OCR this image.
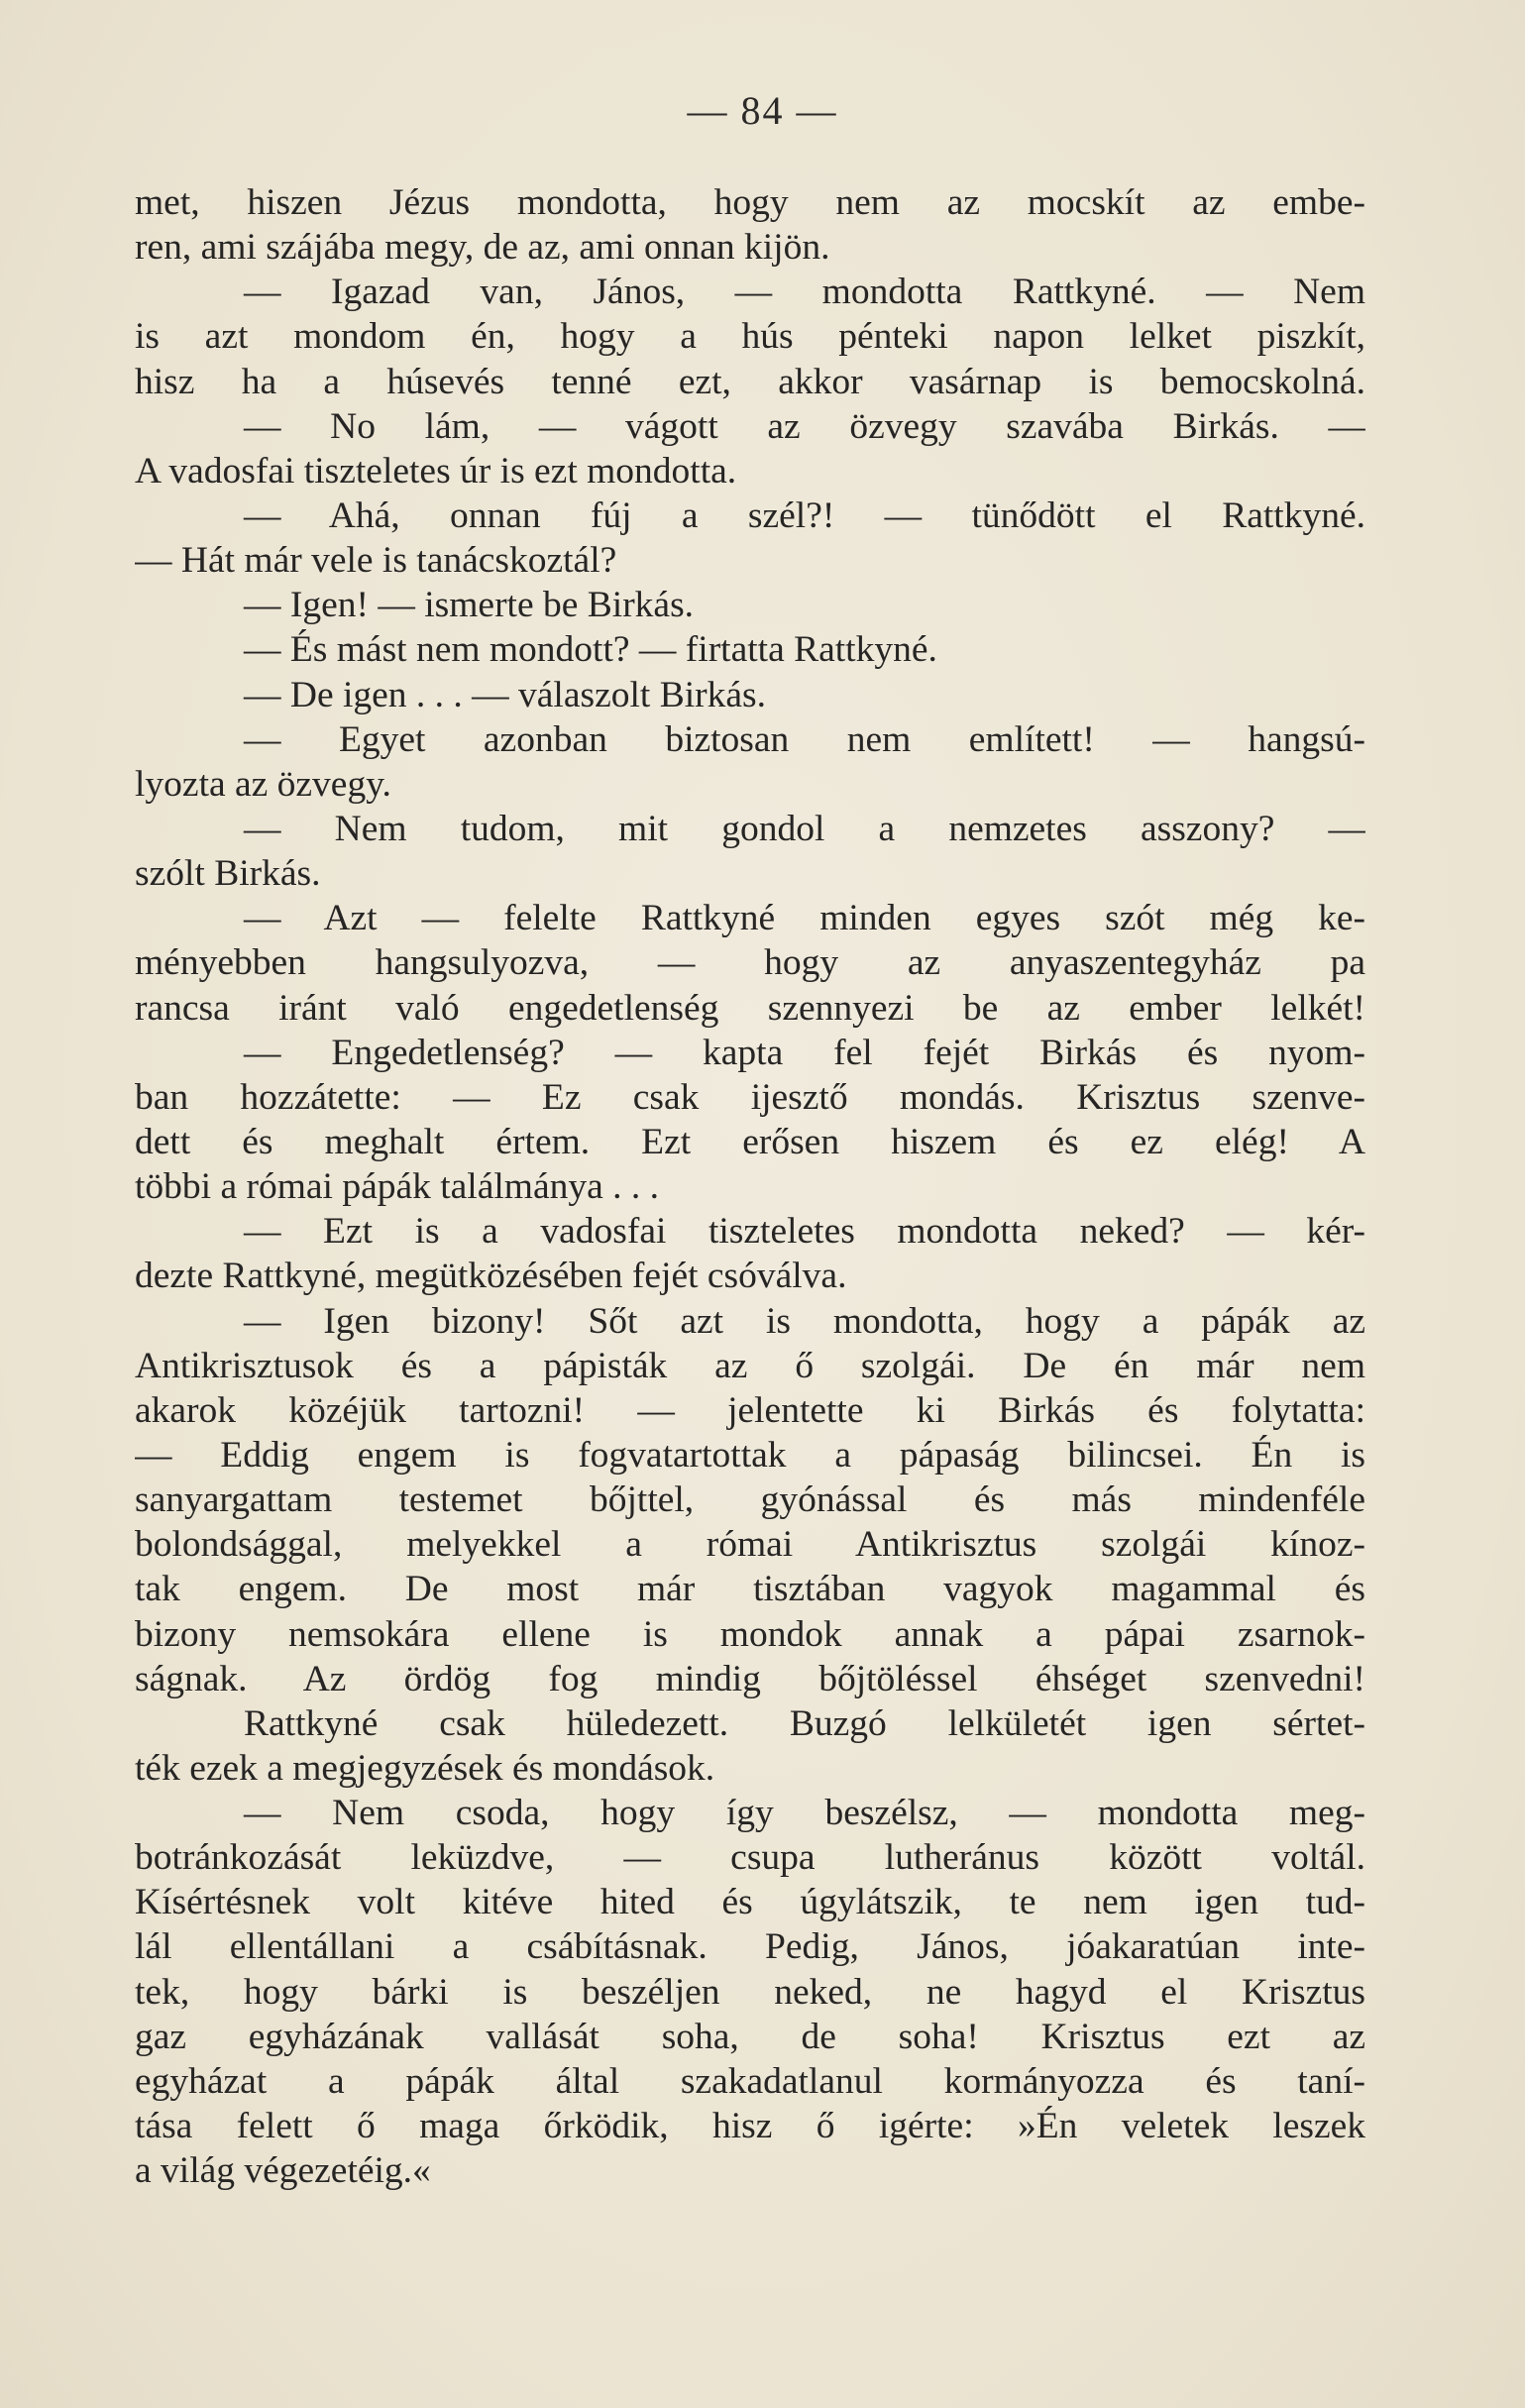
— 84 —
met, hiszen Jézus mondotta, hogy nem az mocskít az embe-
ren, ami szájába megy, de az, ami onnan kijön.
— Igazad van, János, — mondotta Rattkyné. — Nem
is azt mondom én, hogy a hús pénteki napon lelket piszkít,
hisz ha a húsevés tenné ezt, akkor vasárnap is bemocskolná.
— No lám, — vágott az özvegy szavába Birkás. —
A vadosfai tiszteletes úr is ezt mondotta.
— Ahá, onnan fúj a szél?! — tünődött el Rattkyné.
— Hát már vele is tanácskoztál?
— Igen! — ismerte be Birkás.
— És mást nem mondott? — firtatta Rattkyné.
— De igen . . . — válaszolt Birkás.
— Egyet azonban biztosan nem említett! — hangsú-
lyozta az özvegy.
— Nem tudom, mit gondol a nemzetes asszony? —
szólt Birkás.
— Azt — felelte Rattkyné minden egyes szót még ke-
ményebben hangsulyozva, — hogy az anyaszentegyház pa
rancsa iránt való engedetlenség szennyezi be az ember lelkét!
— Engedetlenség? — kapta fel fejét Birkás és nyom-
ban hozzátette: — Ez csak ijesztő mondás. Krisztus szenve-
dett és meghalt értem. Ezt erősen hiszem és ez elég! A
többi a római pápák találmánya . . .
— Ezt is a vadosfai tiszteletes mondotta neked? — kér-
dezte Rattkyné, megütközésében fejét csóválva.
— Igen bizony! Sőt azt is mondotta, hogy a pápák az
Antikrisztusok és a pápisták az ő szolgái. De én már nem
akarok közéjük tartozni! — jelentette ki Birkás és folytatta:
— Eddig engem is fogvatartottak a pápaság bilincsei. Én is
sanyargattam testemet bőjttel, gyónással és más mindenféle
bolondsággal, melyekkel a római Antikrisztus szolgái kínoz-
tak engem. De most már tisztában vagyok magammal és
bizony nemsokára ellene is mondok annak a pápai zsarnok-
ságnak. Az ördög fog mindig bőjtöléssel éhséget szenvedni!
Rattkyné csak hüledezett. Buzgó lelkületét igen sértet-
ték ezek a megjegyzések és mondások.
— Nem csoda, hogy így beszélsz, — mondotta meg-
botránkozását leküzdve, — csupa lutheránus között voltál.
Kísértésnek volt kitéve hited és úgylátszik, te nem igen tud-
lál ellentállani a csábításnak. Pedig, János, jóakaratúan inte-
tek, hogy bárki is beszéljen neked, ne hagyd el Krisztus
gaz egyházának vallását soha, de soha! Krisztus ezt az
egyházat a pápák által szakadatlanul kormányozza és taní-
tása felett ő maga őrködik, hisz ő igérte: »Én veletek leszek
a világ végezetéig.«
